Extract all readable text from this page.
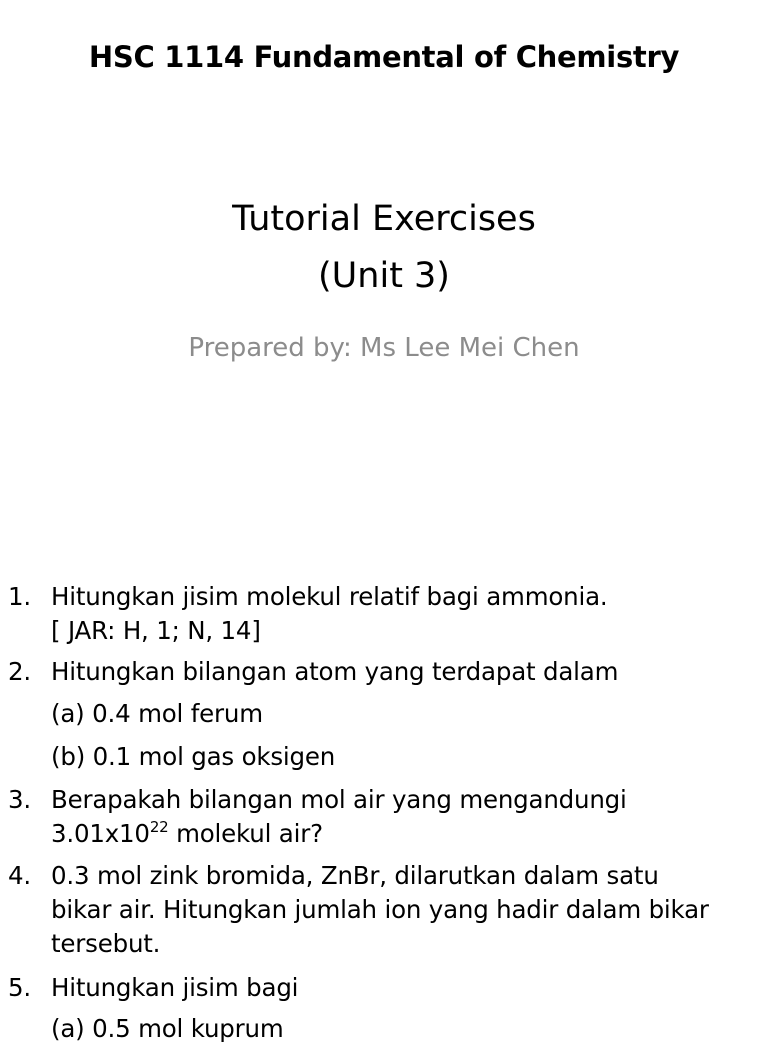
HSC 1114 Fundamental of Chemistry
Tutorial Exercises
(Unit 3)
Prepared by: Ms Lee Mei Chen
1. Hitungkan jisim molekul relatif bagi ammonia.
[ JAR: H, 1; N, 14]
2. Hitungkan bilangan atom yang terdapat dalam
(a) 0.4 mol ferum
(b) 0.1 mol gas oksigen
3. Berapakah bilangan mol air yang mengandungi
$3.01x10^{22}$ molekul air?
4. 0.3 mol zink bromida, ZnBr, dilarutkan dalam satu
bikar air. Hitungkan jumlah ion yang hadir dalam bikar
tersebut.
5. Hitungkan jisim bagi
(a) 0.5 mol kuprum
